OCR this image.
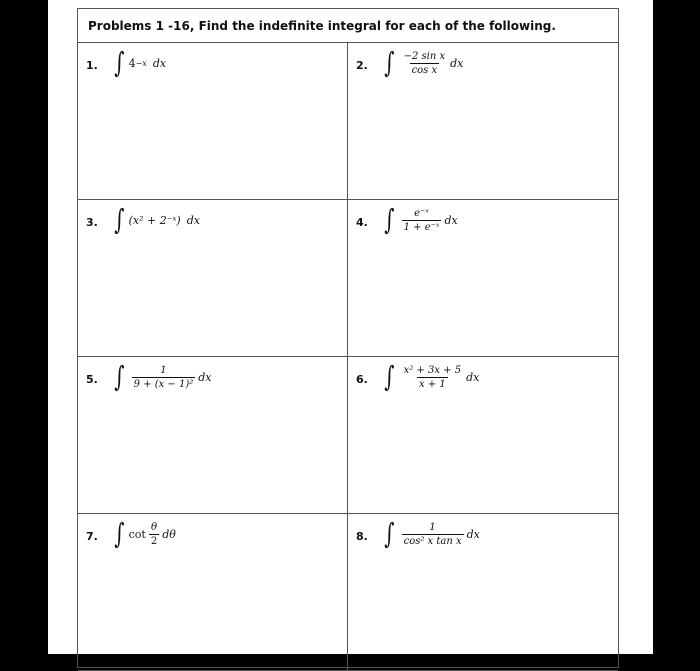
Problems 1 -16, Find the indefinite integral for each of the following.
1. ∫ 4 −x dx	2. ∫ $\frac{\text{−2 sin x}}{\text{cos x}}$ dx
3. ∫ (x² + 2⁻ˣ) dx	4. ∫ $\frac{\text{e⁻ˣ}}{\text{1 + e⁻ˣ}}$ dx
5. ∫ $\frac{1}{\text{9 + (x − 1)²}}$ dx	6. ∫ $\frac{\text{x² + 3x + 5}}{x + 1}$ dx
7. ∫ $\cot \frac{\theta}{2}$ dθ	8. ∫ $\frac{1}{\text{cos² x tan x}}$ dx
